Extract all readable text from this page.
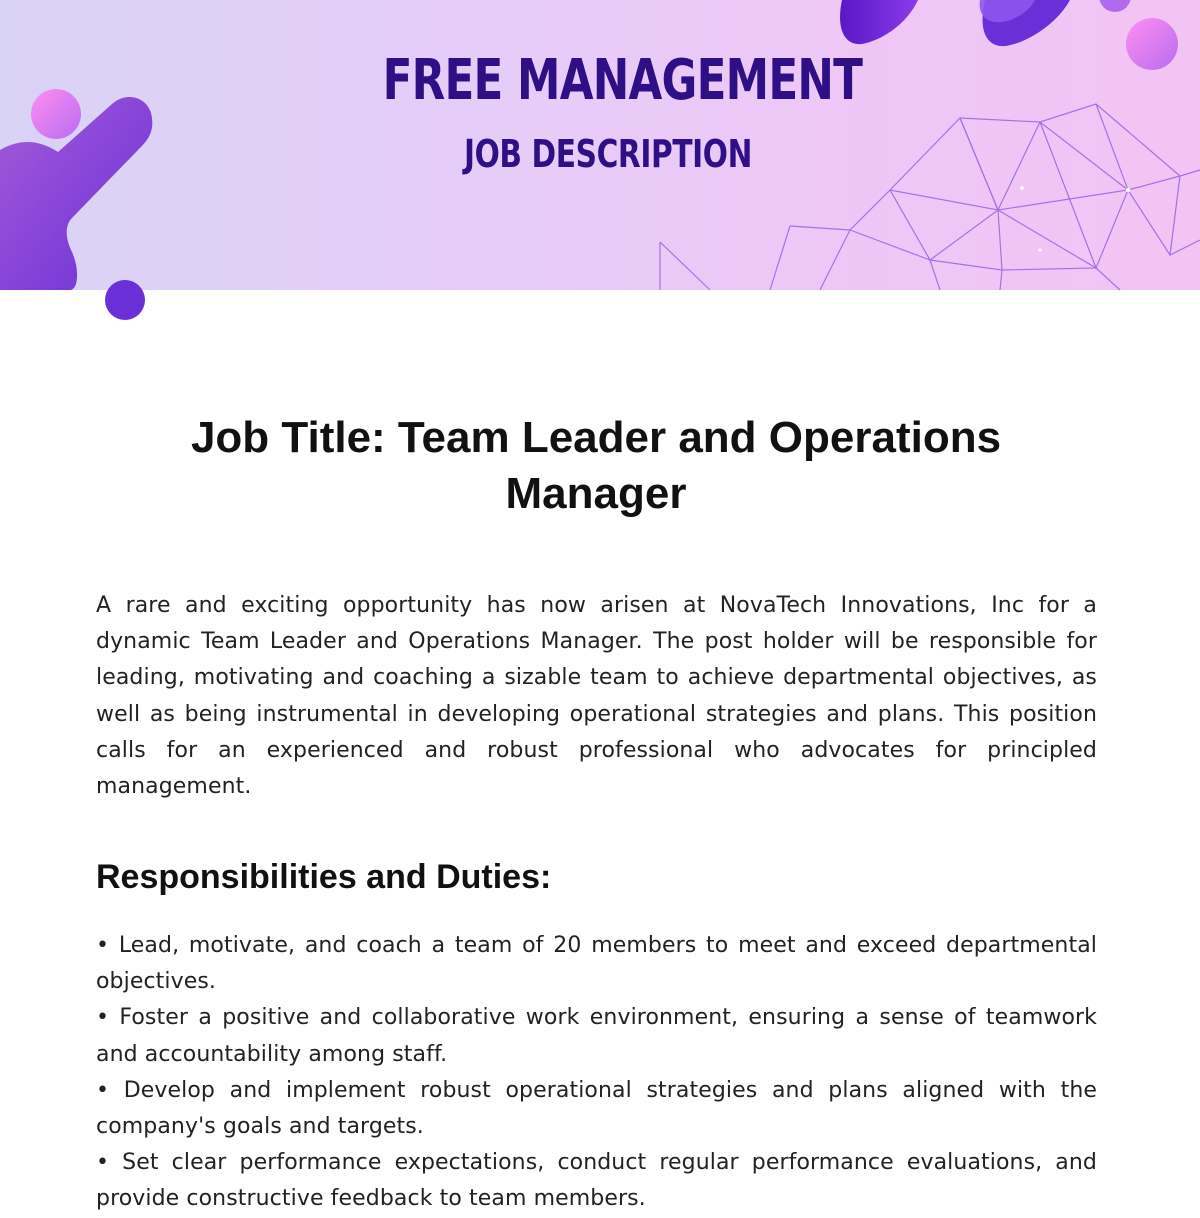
FREE MANAGEMENT
JOB DESCRIPTION
Job Title: Team Leader and Operations Manager

A rare and exciting opportunity has now arisen at NovaTech Innovations, Inc for a dynamic Team Leader and Operations Manager. The post holder will be responsible for leading, motivating and coaching a sizable team to achieve departmental objectives, as well as being instrumental in developing operational strategies and plans. This position calls for an experienced and robust professional who advocates for principled management.

Responsibilities and Duties:
• Lead, motivate, and coach a team of 20 members to meet and exceed departmental objectives.
• Foster a positive and collaborative work environment, ensuring a sense of teamwork and accountability among staff.
• Develop and implement robust operational strategies and plans aligned with the company's goals and targets.
• Set clear performance expectations, conduct regular performance evaluations, and provide constructive feedback to team members.
